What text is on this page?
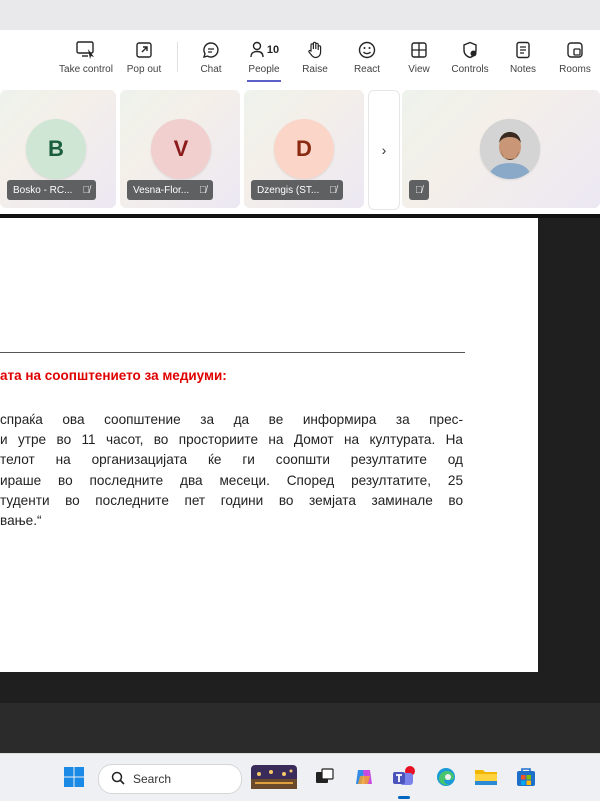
Take control Pop out	Chat
10
People Raise	React	View Controls Notes Rooms
B
Bosko - RC... 🎙̸
V
Vesna-Flor... 🎙̸
D
Dzengis (ST... 🎙̸
›
🎙̸
ата на соопштението за медиуми:
спраќа ова соопштение за да ве информира за прес-
и утре во 11 часот, во просториите на Домот на културата. На
телот на организацијата ќе ги соопшти резултатите од
ираше во последните два месеци. Според резултатите, 25
туденти во последните пет години во земјата заминале во
вање.“
Search
